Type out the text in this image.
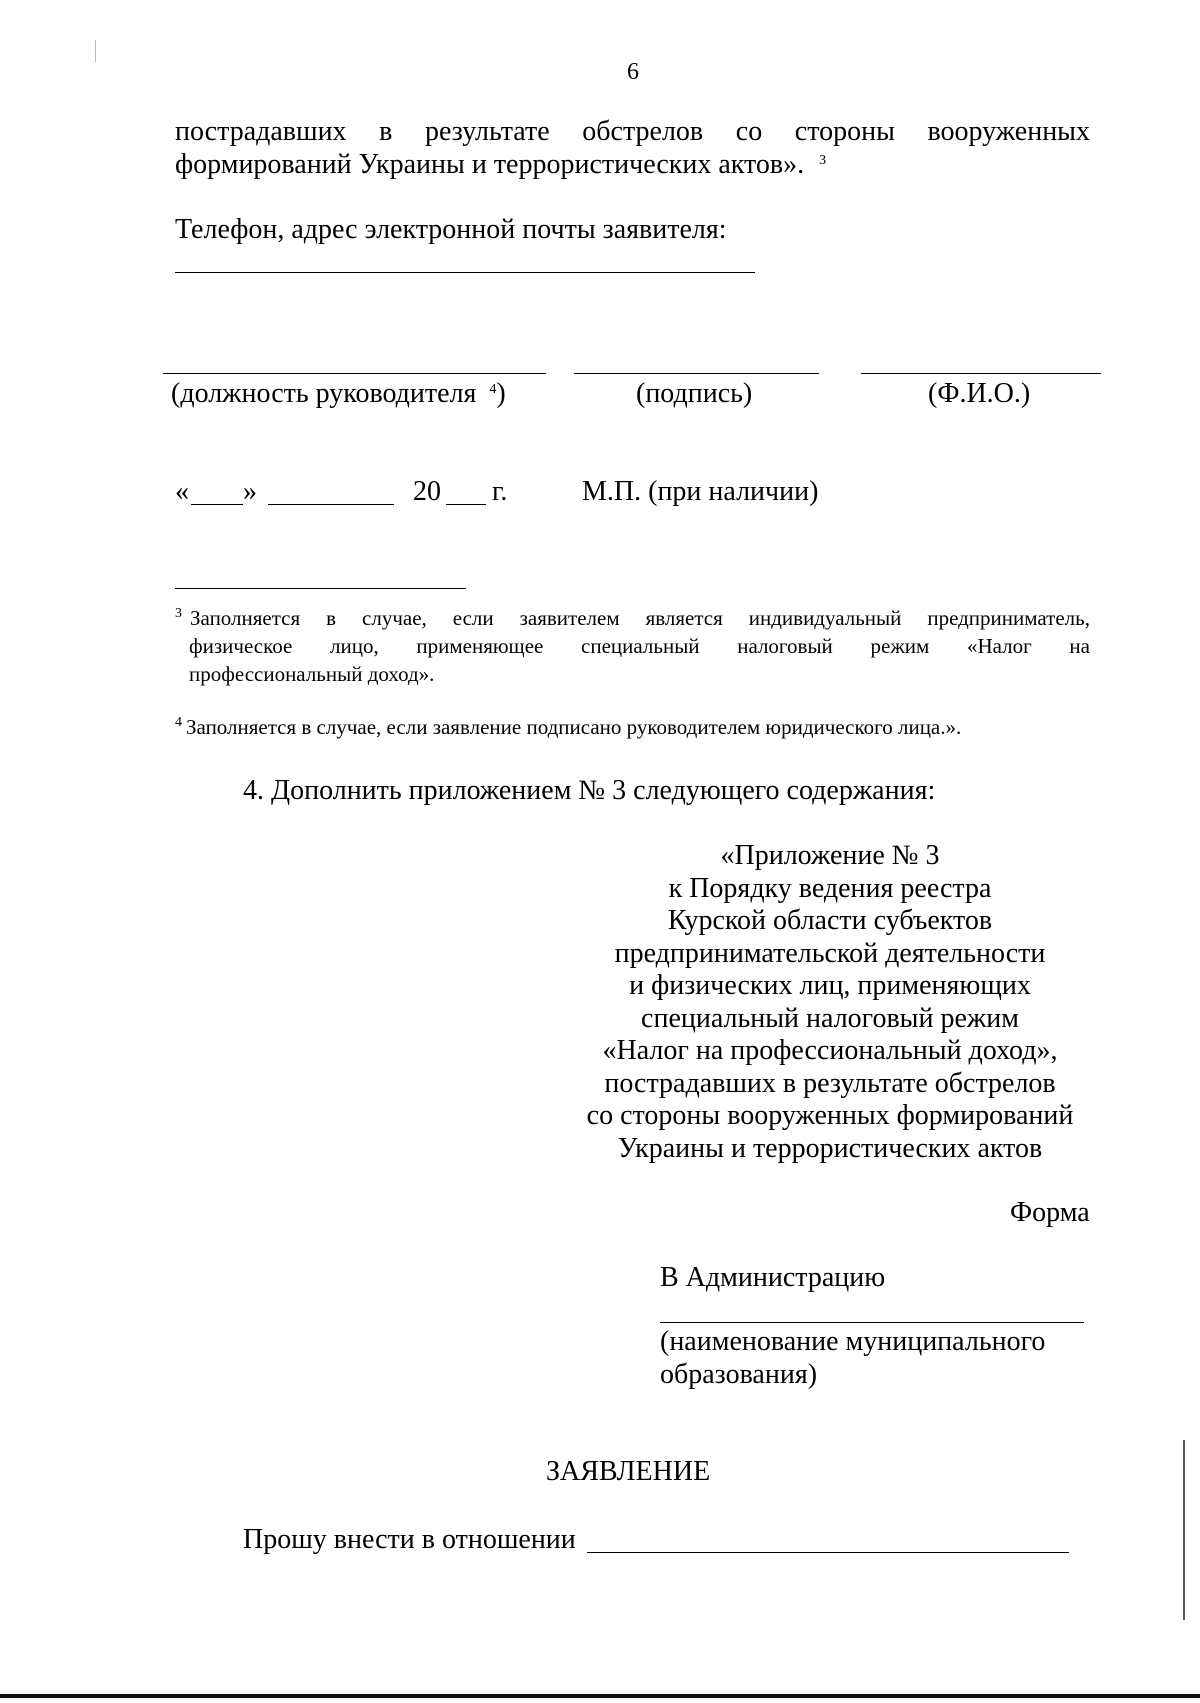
6
пострадавших в результате обстрелов со стороны вооруженных
формирований Украины и террористических актов». $^3$
Телефон, адрес электронной почты заявителя:
(должность руководителя $^4$)	(подпись)	(Ф.И.О.)
« »	20 г.	М.П. (при наличии)
$^3$ Заполняется в случае, если заявителем является индивидуальный предприниматель,
физическое лицо, применяющее специальный налоговый режим «Налог на
профессиональный доход».
$^4$ Заполняется в случае, если заявление подписано руководителем юридического лица.».
4. Дополнить приложением № 3 следующего содержания:
«Приложение № 3
к Порядку ведения реестра
Курской области субъектов
предпринимательской деятельности
и физических лиц, применяющих
специальный налоговый режим
«Налог на профессиональный доход»,
пострадавших в результате обстрелов
со стороны вооруженных формирований
Украины и террористических актов
Форма
В Администрацию
(наименование муниципального
образования)
ЗАЯВЛЕНИЕ
Прошу внести в отношении
